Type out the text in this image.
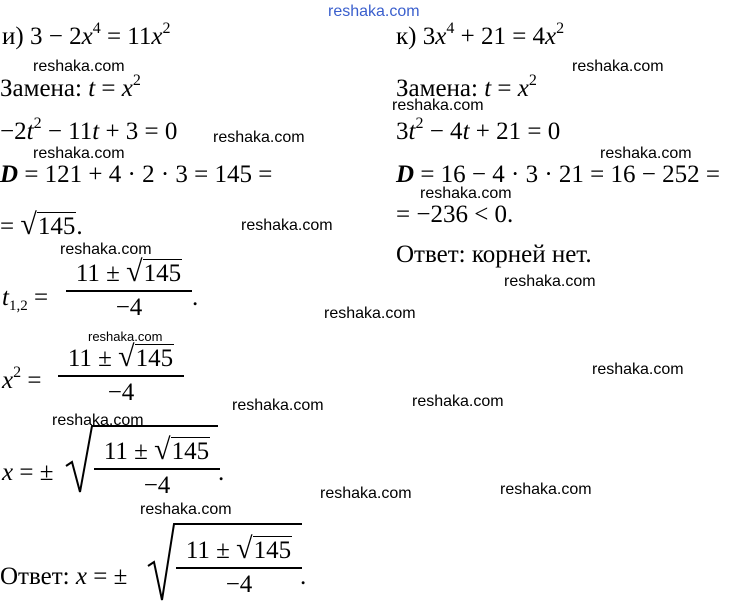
reshaka.com
и) $3 - 2x^4 = 11x^2$
reshaka.com
Замена: $t = x^2$
$-2t^2 - 11t + 3 = 0$ reshaka.com
reshaka.com
D = 121 + 4 · 2 · 3 = 145 =
= √145.	reshaka.com
reshaka.com
$t_{1,2}$ =
11 ± √145
−4	.
reshaka.com
reshaka.com
$x^2$ =
11 ± √145
−4
reshaka.com
reshaka.com
reshaka.com
reshaka.com
x = ±
11 ± √145
−4	.
reshaka.com	reshaka.com
reshaka.com
Ответ: x = ±
11 ± √145
−4	.
к) $3x^4 + 21 = 4x^2$
reshaka.com
Замена: $t = x^2$
reshaka.com
$3t^2 - 4t + 21 = 0$
reshaka.com
D = 16 − 4 · 3 · 21 = 16 − 252 =
reshaka.com
= −236 < 0.
Ответ: корней нет.
reshaka.com
